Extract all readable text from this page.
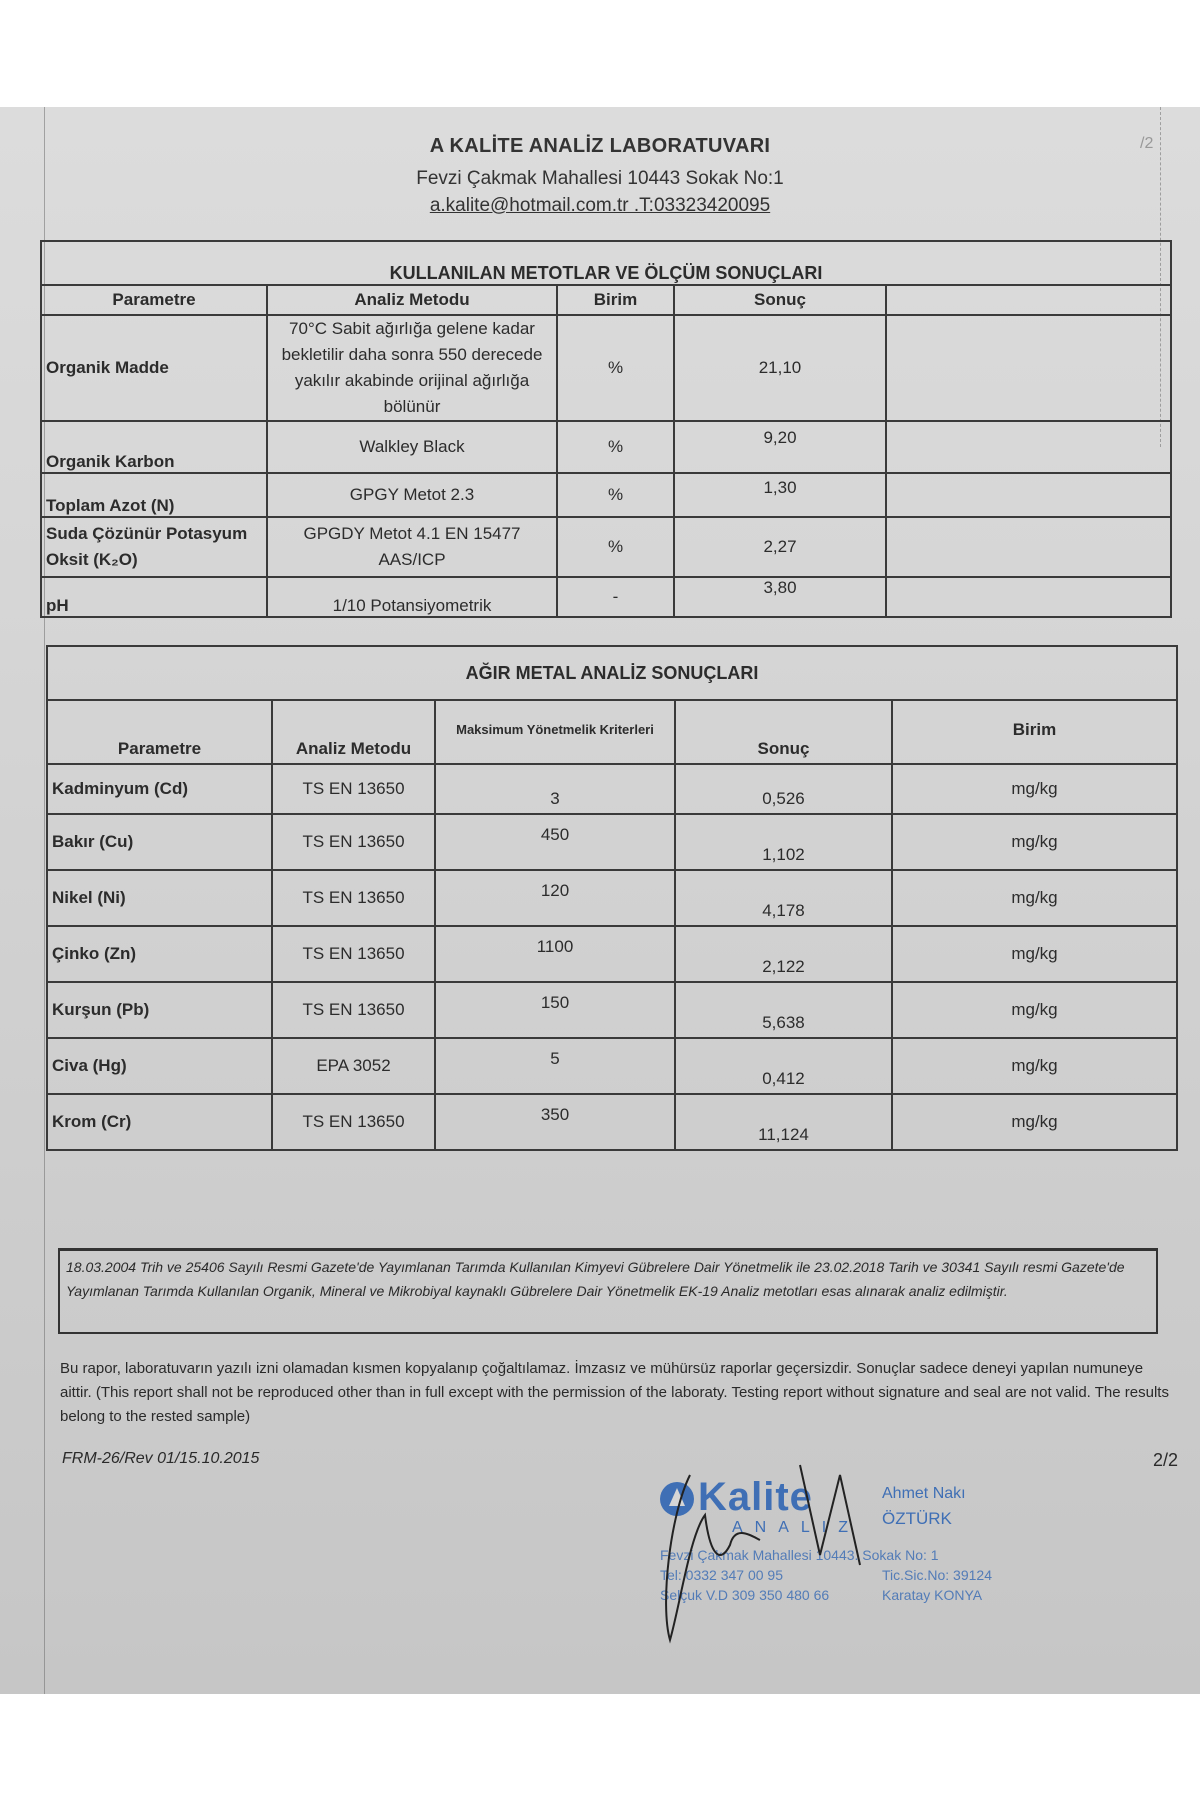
A KALİTE ANALİZ LABORATUVARI
Fevzi Çakmak Mahallesi 10443 Sokak No:1
a.kalite@hotmail.com.tr .T:03323420095
/2
KULLANILAN METOTLAR VE ÖLÇÜM SONUÇLARI				
Parametre	Analiz Metodu	Birim	Sonuç	
Organik Madde	70°C Sabit ağırlığa gelene kadar bekletilir daha sonra 550 derecede yakılır akabinde orijinal ağırlığa bölünür	%	21,10	
Organik Karbon	Walkley Black	%	9,20	
Toplam Azot (N)	GPGY Metot 2.3	%	1,30	
Suda Çözünür Potasyum Oksit (K₂O)	GPGDY Metot 4.1 EN 15477 AAS/ICP	%	2,27	
pH	1/10 Potansiyometrik	-	3,80	
AĞIR METAL ANALİZ SONUÇLARI				
Parametre	Analiz Metodu	Maksimum Yönetmelik Kriterleri	Sonuç	Birim
Kadminyum (Cd)	TS EN 13650	3	0,526	mg/kg
Bakır (Cu)	TS EN 13650	450	1,102	mg/kg
Nikel (Ni)	TS EN 13650	120	4,178	mg/kg
Çinko (Zn)	TS EN 13650	1100	2,122	mg/kg
Kurşun (Pb)	TS EN 13650	150	5,638	mg/kg
Civa (Hg)	EPA 3052	5	0,412	mg/kg
Krom (Cr)	TS EN 13650	350	11,124	mg/kg
18.03.2004 Trih ve 25406 Sayılı Resmi Gazete'de Yayımlanan Tarımda Kullanılan Kimyevi Gübrelere Dair Yönetmelik ile 23.02.2018 Tarih ve 30341 Sayılı resmi Gazete'de Yayımlanan Tarımda Kullanılan Organik, Mineral ve Mikrobiyal kaynaklı Gübrelere Dair Yönetmelik EK-19 Analiz metotları esas alınarak analiz edilmiştir.
Bu rapor, laboratuvarın yazılı izni olamadan kısmen kopyalanıp çoğaltılamaz. İmzasız ve mühürsüz raporlar geçersizdir. Sonuçlar sadece deneyi yapılan numuneye aittir. (This report shall not be reproduced other than in full except with the permission of the laboraty. Testing report without signature and seal are not valid. The results belong to the rested sample)
FRM-26/Rev 01/15.10.2015	2/2
Kalite
ANALIZ
Fevzi Çakmak Mahallesi 10443. Sokak No: 1
Tel: 0332 347 00 95
Selçuk V.D 309 350 480 66
Ahmet Nakı
ÖZTÜRK
Tic.Sic.No: 39124
Karatay KONYA
